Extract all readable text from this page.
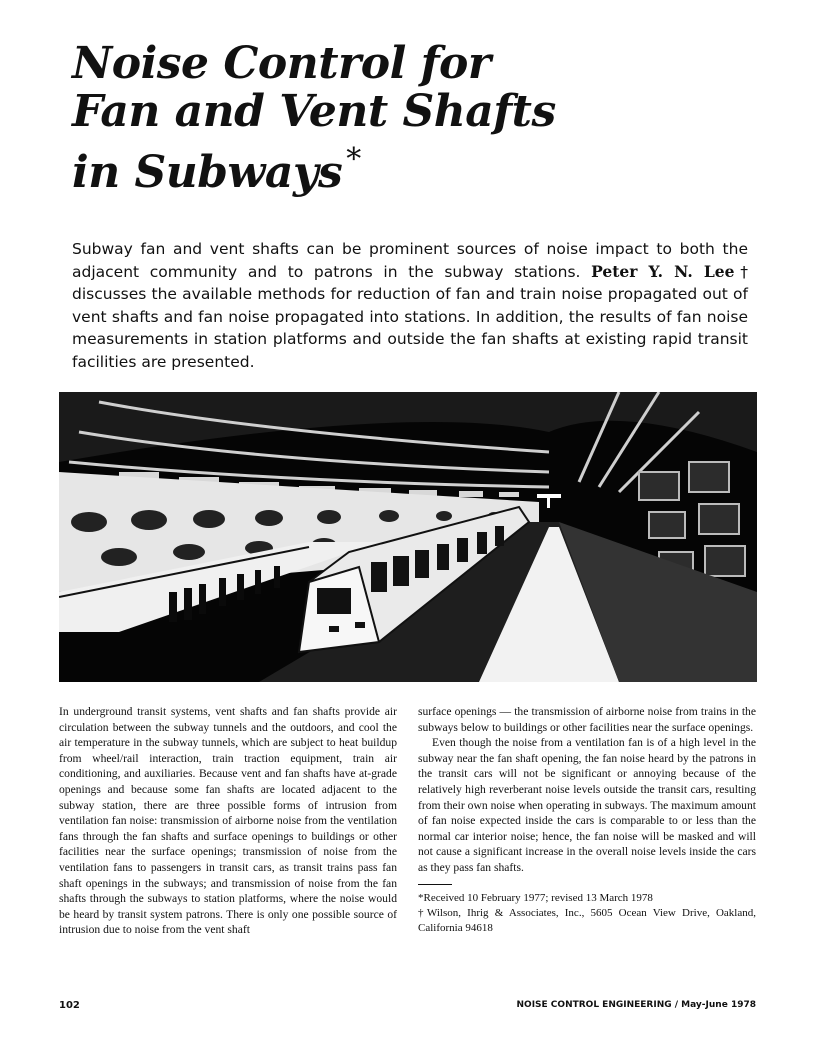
Noise Control for
Fan and Vent Shafts
in Subways *
Subway fan and vent shafts can be prominent sources of noise impact to both the adjacent community and to patrons in the subway stations. Peter Y. N. Lee† discusses the available methods for reduction of fan and train noise propagated out of vent shafts and fan noise propagated into stations. In addition, the results of fan noise measurements in station platforms and outside the fan shafts at existing rapid transit facilities are presented.

In underground transit systems, vent shafts and fan shafts provide air circulation between the subway tunnels and the outdoors, and cool the air temperature in the subway tunnels, which are subject to heat buildup from wheel/rail interaction, train traction equipment, train air conditioning, and auxiliaries. Because vent and fan shafts have at-grade openings and because some fan shafts are located adjacent to the subway station, there are three possible forms of intrusion from ventilation fan noise: transmission of airborne noise from the ventilation fans through the fan shafts and surface openings to buildings or other facilities near the surface openings; transmission of noise from the ventilation fans to passengers in transit cars, as transit trains pass fan shaft openings in the subways; and transmission of noise from the fan shafts through the subways to station platforms, where the noise would be heard by transit system patrons. There is only one possible source of intrusion due to noise from the vent shaft

surface openings — the transmission of airborne noise from trains in the subways below to buildings or other facilities near the surface openings.

Even though the noise from a ventilation fan is of a high level in the subway near the fan shaft opening, the fan noise heard by the patrons in the transit cars will not be significant or annoying because of the relatively high reverberant noise levels outside the transit cars, resulting from their own noise when operating in subways. The maximum amount of fan noise expected inside the cars is comparable to or less than the normal car interior noise; hence, the fan noise will be masked and will not cause a significant increase in the overall noise levels inside the cars as they pass fan shafts.

*Received 10 February 1977; revised 13 March 1978

†Wilson, Ihrig & Associates, Inc., 5605 Ocean View Drive, Oakland, California 94618

102	NOISE CONTROL ENGINEERING / May-June 1978
